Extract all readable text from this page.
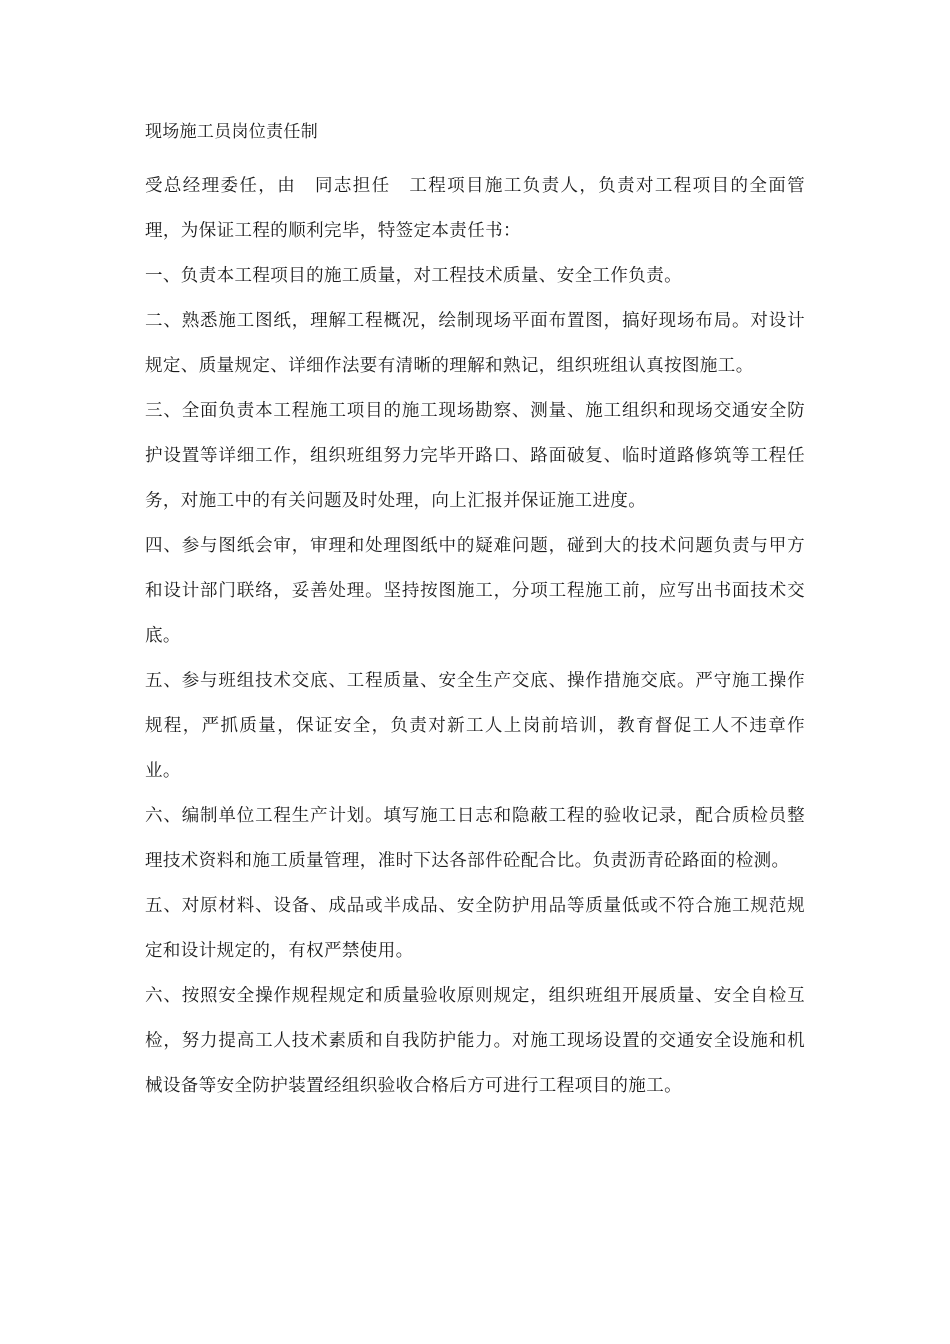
现场施工员岗位责任制

受总经理委任，由　同志担任　工程项目施工负责人，负责对工程项目的全面管理，为保证工程的顺利完毕，特签定本责任书：

一、负责本工程项目的施工质量，对工程技术质量、安全工作负责。

二、熟悉施工图纸，理解工程概况，绘制现场平面布置图，搞好现场布局。对设计规定、质量规定、详细作法要有清晰的理解和熟记，组织班组认真按图施工。

三、全面负责本工程施工项目的施工现场勘察、测量、施工组织和现场交通安全防护设置等详细工作，组织班组努力完毕开路口、路面破复、临时道路修筑等工程任务，对施工中的有关问题及时处理，向上汇报并保证施工进度。

四、参与图纸会审，审理和处理图纸中的疑难问题，碰到大的技术问题负责与甲方和设计部门联络，妥善处理。坚持按图施工，分项工程施工前，应写出书面技术交底。

五、参与班组技术交底、工程质量、安全生产交底、操作措施交底。严守施工操作规程，严抓质量，保证安全，负责对新工人上岗前培训，教育督促工人不违章作业。

六、编制单位工程生产计划。填写施工日志和隐蔽工程的验收记录，配合质检员整理技术资料和施工质量管理，准时下达各部件砼配合比。负责沥青砼路面的检测。

五、对原材料、设备、成品或半成品、安全防护用品等质量低或不符合施工规范规定和设计规定的，有权严禁使用。

六、按照安全操作规程规定和质量验收原则规定，组织班组开展质量、安全自检互检，努力提高工人技术素质和自我防护能力。对施工现场设置的交通安全设施和机械设备等安全防护装置经组织验收合格后方可进行工程项目的施工。
